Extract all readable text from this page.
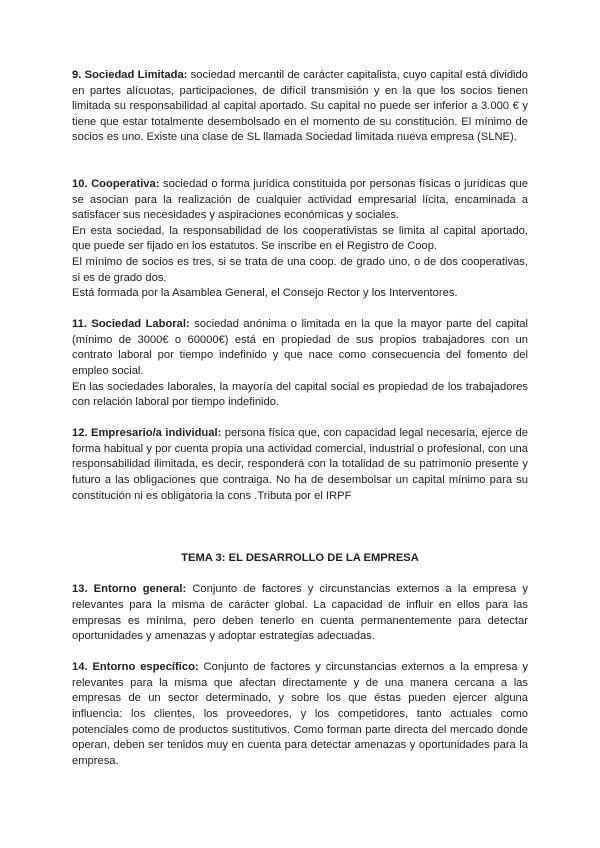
9. Sociedad Limitada: sociedad mercantil de carácter capitalista, cuyo capital está dividido en partes alícuotas, participaciones, de difícil transmisión y en la que los socios tienen limitada su responsabilidad al capital aportado. Su capital no puede ser inferior a 3.000 € y tiene que estar totalmente desembolsado en el momento de su constitución. El mínimo de socios es uno. Existe una clase de SL llamada Sociedad limitada nueva empresa (SLNE).

10. Cooperativa: sociedad o forma jurídica constituida por personas físicas o jurídicas que se asocian para la realización de cualquier actividad empresarial lícita, encaminada a satisfacer sus necesidades y aspiraciones económicas y sociales.

En esta sociedad, la responsabilidad de los cooperativistas se limita al capital aportado, que puede ser fijado en los estatutos. Se inscribe en el Registro de Coop.

El mínimo de socios es tres, si se trata de una coop. de grado uno, o de dos cooperativas, si es de grado dos.

Está formada por la Asamblea General, el Consejo Rector y los Interventores.

11. Sociedad Laboral: sociedad anónima o limitada en la que la mayor parte del capital (mínimo de 3000€ o 60000€) está en propiedad de sus propios trabajadores con un contrato laboral por tiempo indefinido y que nace como consecuencia del fomento del empleo social.

En las sociedades laborales, la mayoría del capital social es propiedad de los trabajadores con relación laboral por tiempo indefinido.

12. Empresario/a individual: persona física que, con capacidad legal necesaria, ejerce de forma habitual y por cuenta propia una actividad comercial, industrial o profesional, con una responsabilidad ilimitada, es decir, responderá con la totalidad de su patrimonio presente y futuro a las obligaciones que contraiga. No ha de desembolsar un capital mínimo para su constitución ni es obligatoria la cons .Tributa por el IRPF

TEMA 3: EL DESARROLLO DE LA EMPRESA

13. Entorno general: Conjunto de factores y circunstancias externos a la empresa y relevantes para la misma de carácter global. La capacidad de influir en ellos para las empresas es mínima, pero deben tenerlo en cuenta permanentemente para detectar oportunidades y amenazas y adoptar estrategias adecuadas.

14. Entorno específico: Conjunto de factores y circunstancias externos a la empresa y relevantes para la misma que afectan directamente y de una manera cercana a las empresas de un sector determinado, y sobre los que éstas pueden ejercer alguna influencia: los clientes, los proveedores, y los competidores, tanto actuales como potenciales como de productos sustitutivos. Como forman parte directa del mercado donde operan, deben ser tenidos muy en cuenta para detectar amenazas y oportunidades para la empresa.
